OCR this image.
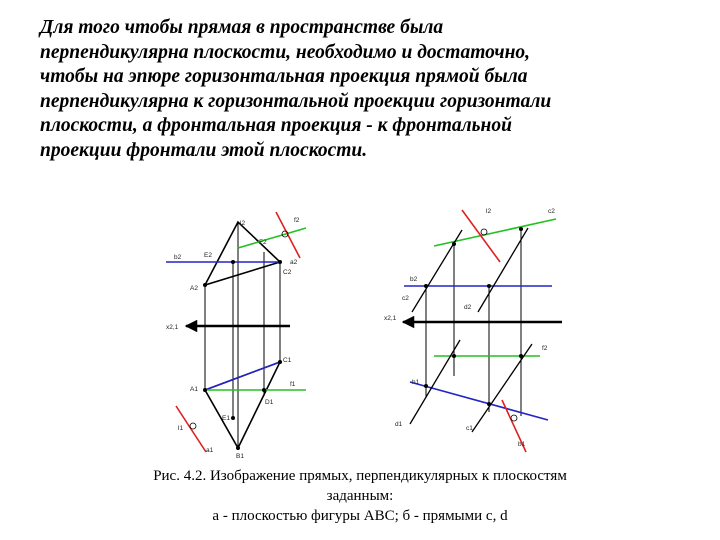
Для того чтобы прямая в пространстве была
перпендикулярна плоскости, необходимо и достаточно,
чтобы на эпюре горизонтальная проекция прямой была
перпендикулярна к горизонтальной проекции горизонтали
плоскости, а фронтальная проекция - к фронтальной
проекции фронтали этой плоскости.
l2	f2
b2	E2
F2
a2
C2
A2
x2,1
C1
A1
f1
D1
E1
l1
a1
B1
l2	c2
b2
c2
d2
x2,1
f2
h1
d1
c1
b1
Рис. 4.2. Изображение прямых, перпендикулярных к плоскостям
заданным:
а - плоскостью фигуры ABC; б - прямыми c, d
